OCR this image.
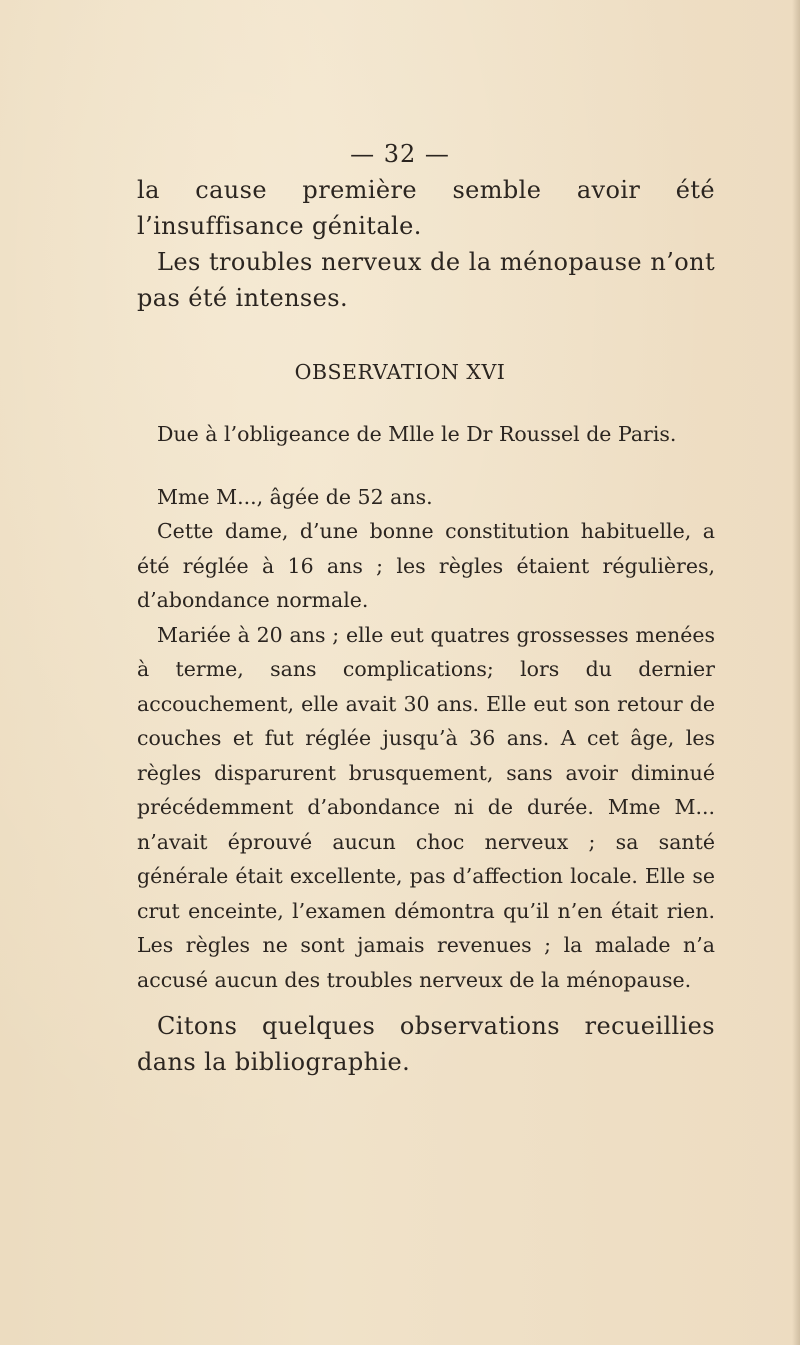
— 32 —

la cause première semble avoir été l’insuffisance génitale.

Les troubles nerveux de la ménopause n’ont pas été intenses.

OBSERVATION XVI

Due à l’obligeance de Mlle le Dr Roussel de Paris.

Mme M..., âgée de 52 ans.

Cette dame, d’une bonne constitution habituelle, a été réglée à 16 ans ; les règles étaient régulières, d’abondance normale.

Mariée à 20 ans ; elle eut quatres grossesses menées à terme, sans complications; lors du dernier accouchement, elle avait 30 ans. Elle eut son retour de couches et fut réglée jusqu’à 36 ans. A cet âge, les règles disparurent brusquement, sans avoir diminué précédemment d’abondance ni de durée. Mme M... n’avait éprouvé aucun choc nerveux ; sa santé générale était excellente, pas d’affection locale. Elle se crut enceinte, l’examen démontra qu’il n’en était rien. Les règles ne sont jamais revenues ; la malade n’a accusé aucun des troubles nerveux de la ménopause.

Citons quelques observations recueillies dans la bibliographie.
